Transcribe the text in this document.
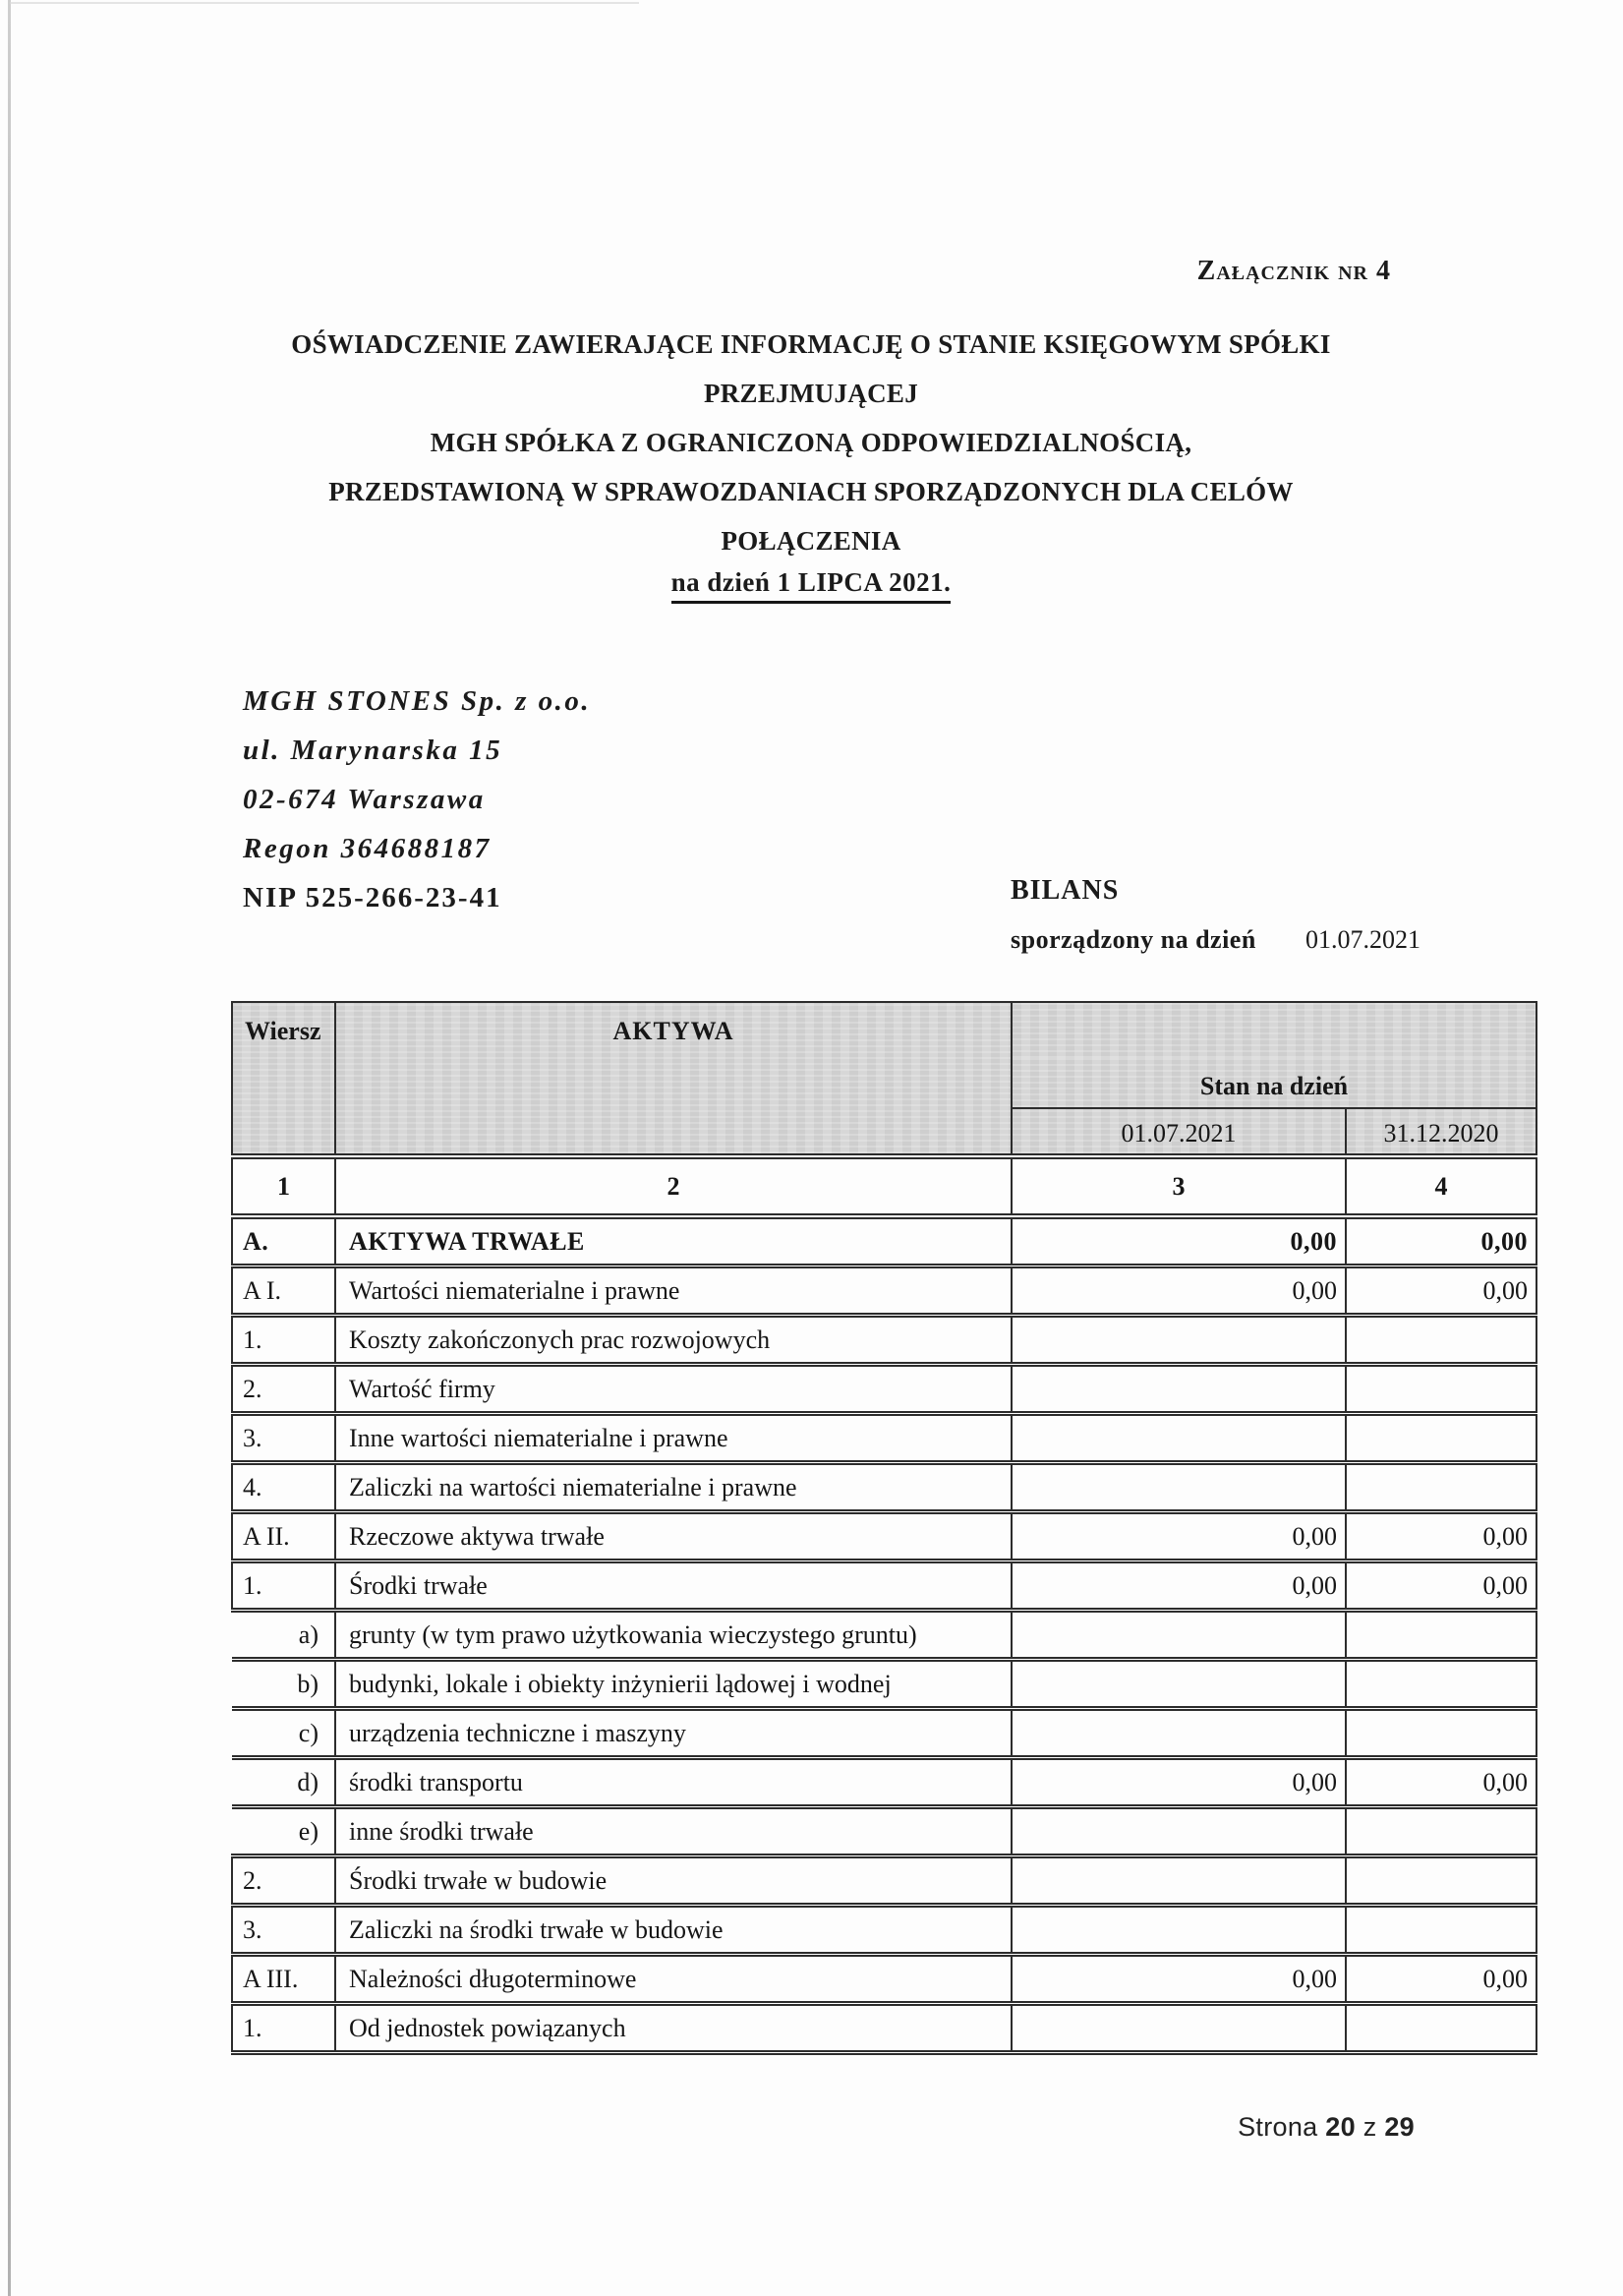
Załącznik nr 4
OŚWIADCZENIE ZAWIERAJĄCE INFORMACJĘ O STANIE KSIĘGOWYM SPÓŁKI
PRZEJMUJĄCEJ
MGH SPÓŁKA Z OGRANICZONĄ ODPOWIEDZIALNOŚCIĄ,
PRZEDSTAWIONĄ W SPRAWOZDANIACH SPORZĄDZONYCH DLA CELÓW
POŁĄCZENIA
na dzień 1 LIPCA 2021.
MGH STONES Sp. z o.o.
ul. Marynarska 15
02-674 Warszawa
Regon 364688187
NIP 525-266-23-41	BILANS
sporządzony na dzień 01.07.2021
Wiersz	AKTYWA		
		Stan na dzień	
		01.07.2021	31.12.2020
1	2	3	4
A.	AKTYWA TRWAŁE	0,00	0,00
A I.	Wartości niematerialne i prawne	0,00	0,00
1.	Koszty zakończonych prac rozwojowych		
2.	Wartość firmy		
3.	Inne wartości niematerialne i prawne		
4.	Zaliczki na wartości niematerialne i prawne		
A II.	Rzeczowe aktywa trwałe	0,00	0,00
1.	Środki trwałe	0,00	0,00
a)	grunty (w tym prawo użytkowania wieczystego gruntu)		
b)	budynki, lokale i obiekty inżynierii lądowej i wodnej		
c)	urządzenia techniczne i maszyny		
d)	środki transportu	0,00	0,00
e)	inne środki trwałe		
2.	Środki trwałe w budowie		
3.	Zaliczki na środki trwałe w budowie		
A III.	Należności długoterminowe	0,00	0,00
1.	Od jednostek powiązanych		
Strona 20 z 29
